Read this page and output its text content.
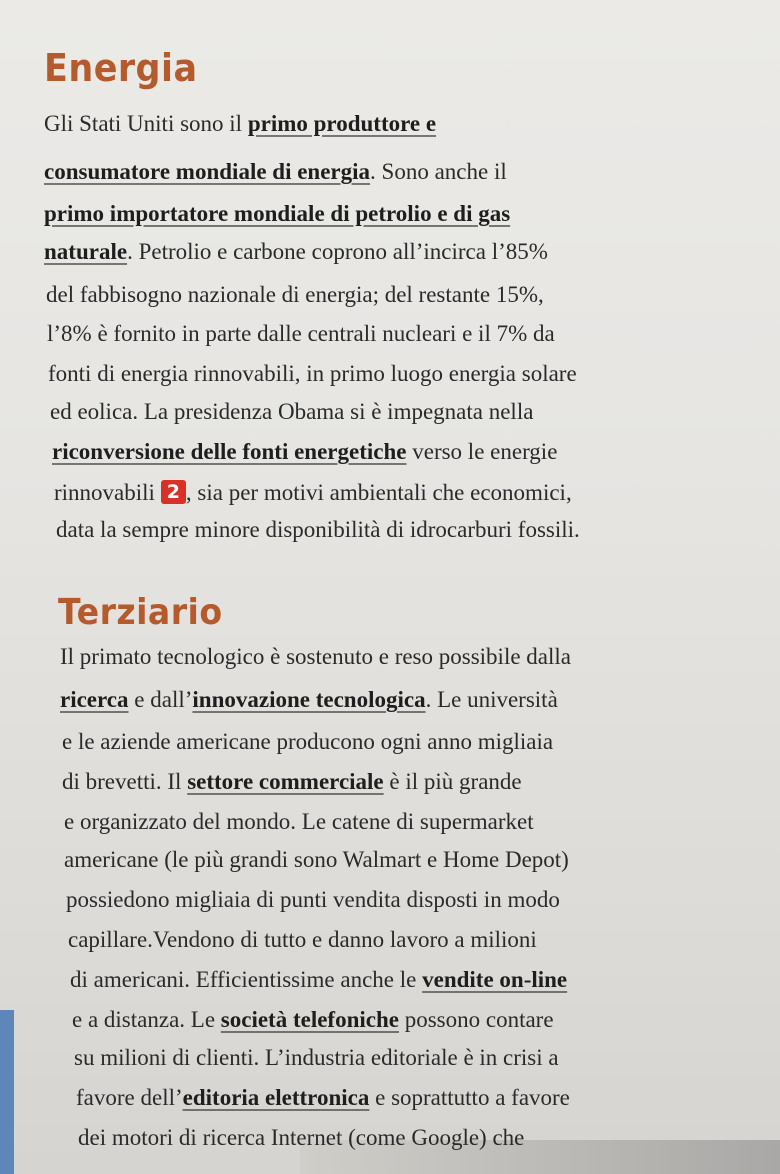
Energia
Gli Stati Uniti sono il primo produttore e
consumatore mondiale di energia. Sono anche il
primo importatore mondiale di petrolio e di gas
naturale. Petrolio e carbone coprono all’incirca l’85%
del fabbisogno nazionale di energia; del restante 15%,
l’8% è fornito in parte dalle centrali nucleari e il 7% da
fonti di energia rinnovabili, in primo luogo energia solare
ed eolica. La presidenza Obama si è impegnata nella
riconversione delle fonti energetiche verso le energie
rinnovabili 2 , sia per motivi ambientali che economici,
data la sempre minore disponibilità di idrocarburi fossili.
Terziario
Il primato tecnologico è sostenuto e reso possibile dalla
ricerca e dall’innovazione tecnologica. Le università
e le aziende americane producono ogni anno migliaia
di brevetti. Il settore commerciale è il più grande
e organizzato del mondo. Le catene di supermarket
americane (le più grandi sono Walmart e Home Depot)
possiedono migliaia di punti vendita disposti in modo
capillare.Vendono di tutto e danno lavoro a milioni
di americani. Efficientissime anche le vendite on-line
e a distanza. Le società telefoniche possono contare
su milioni di clienti. L’industria editoriale è in crisi a
favore dell’editoria elettronica e soprattutto a favore
dei motori di ricerca Internet (come Google) che
